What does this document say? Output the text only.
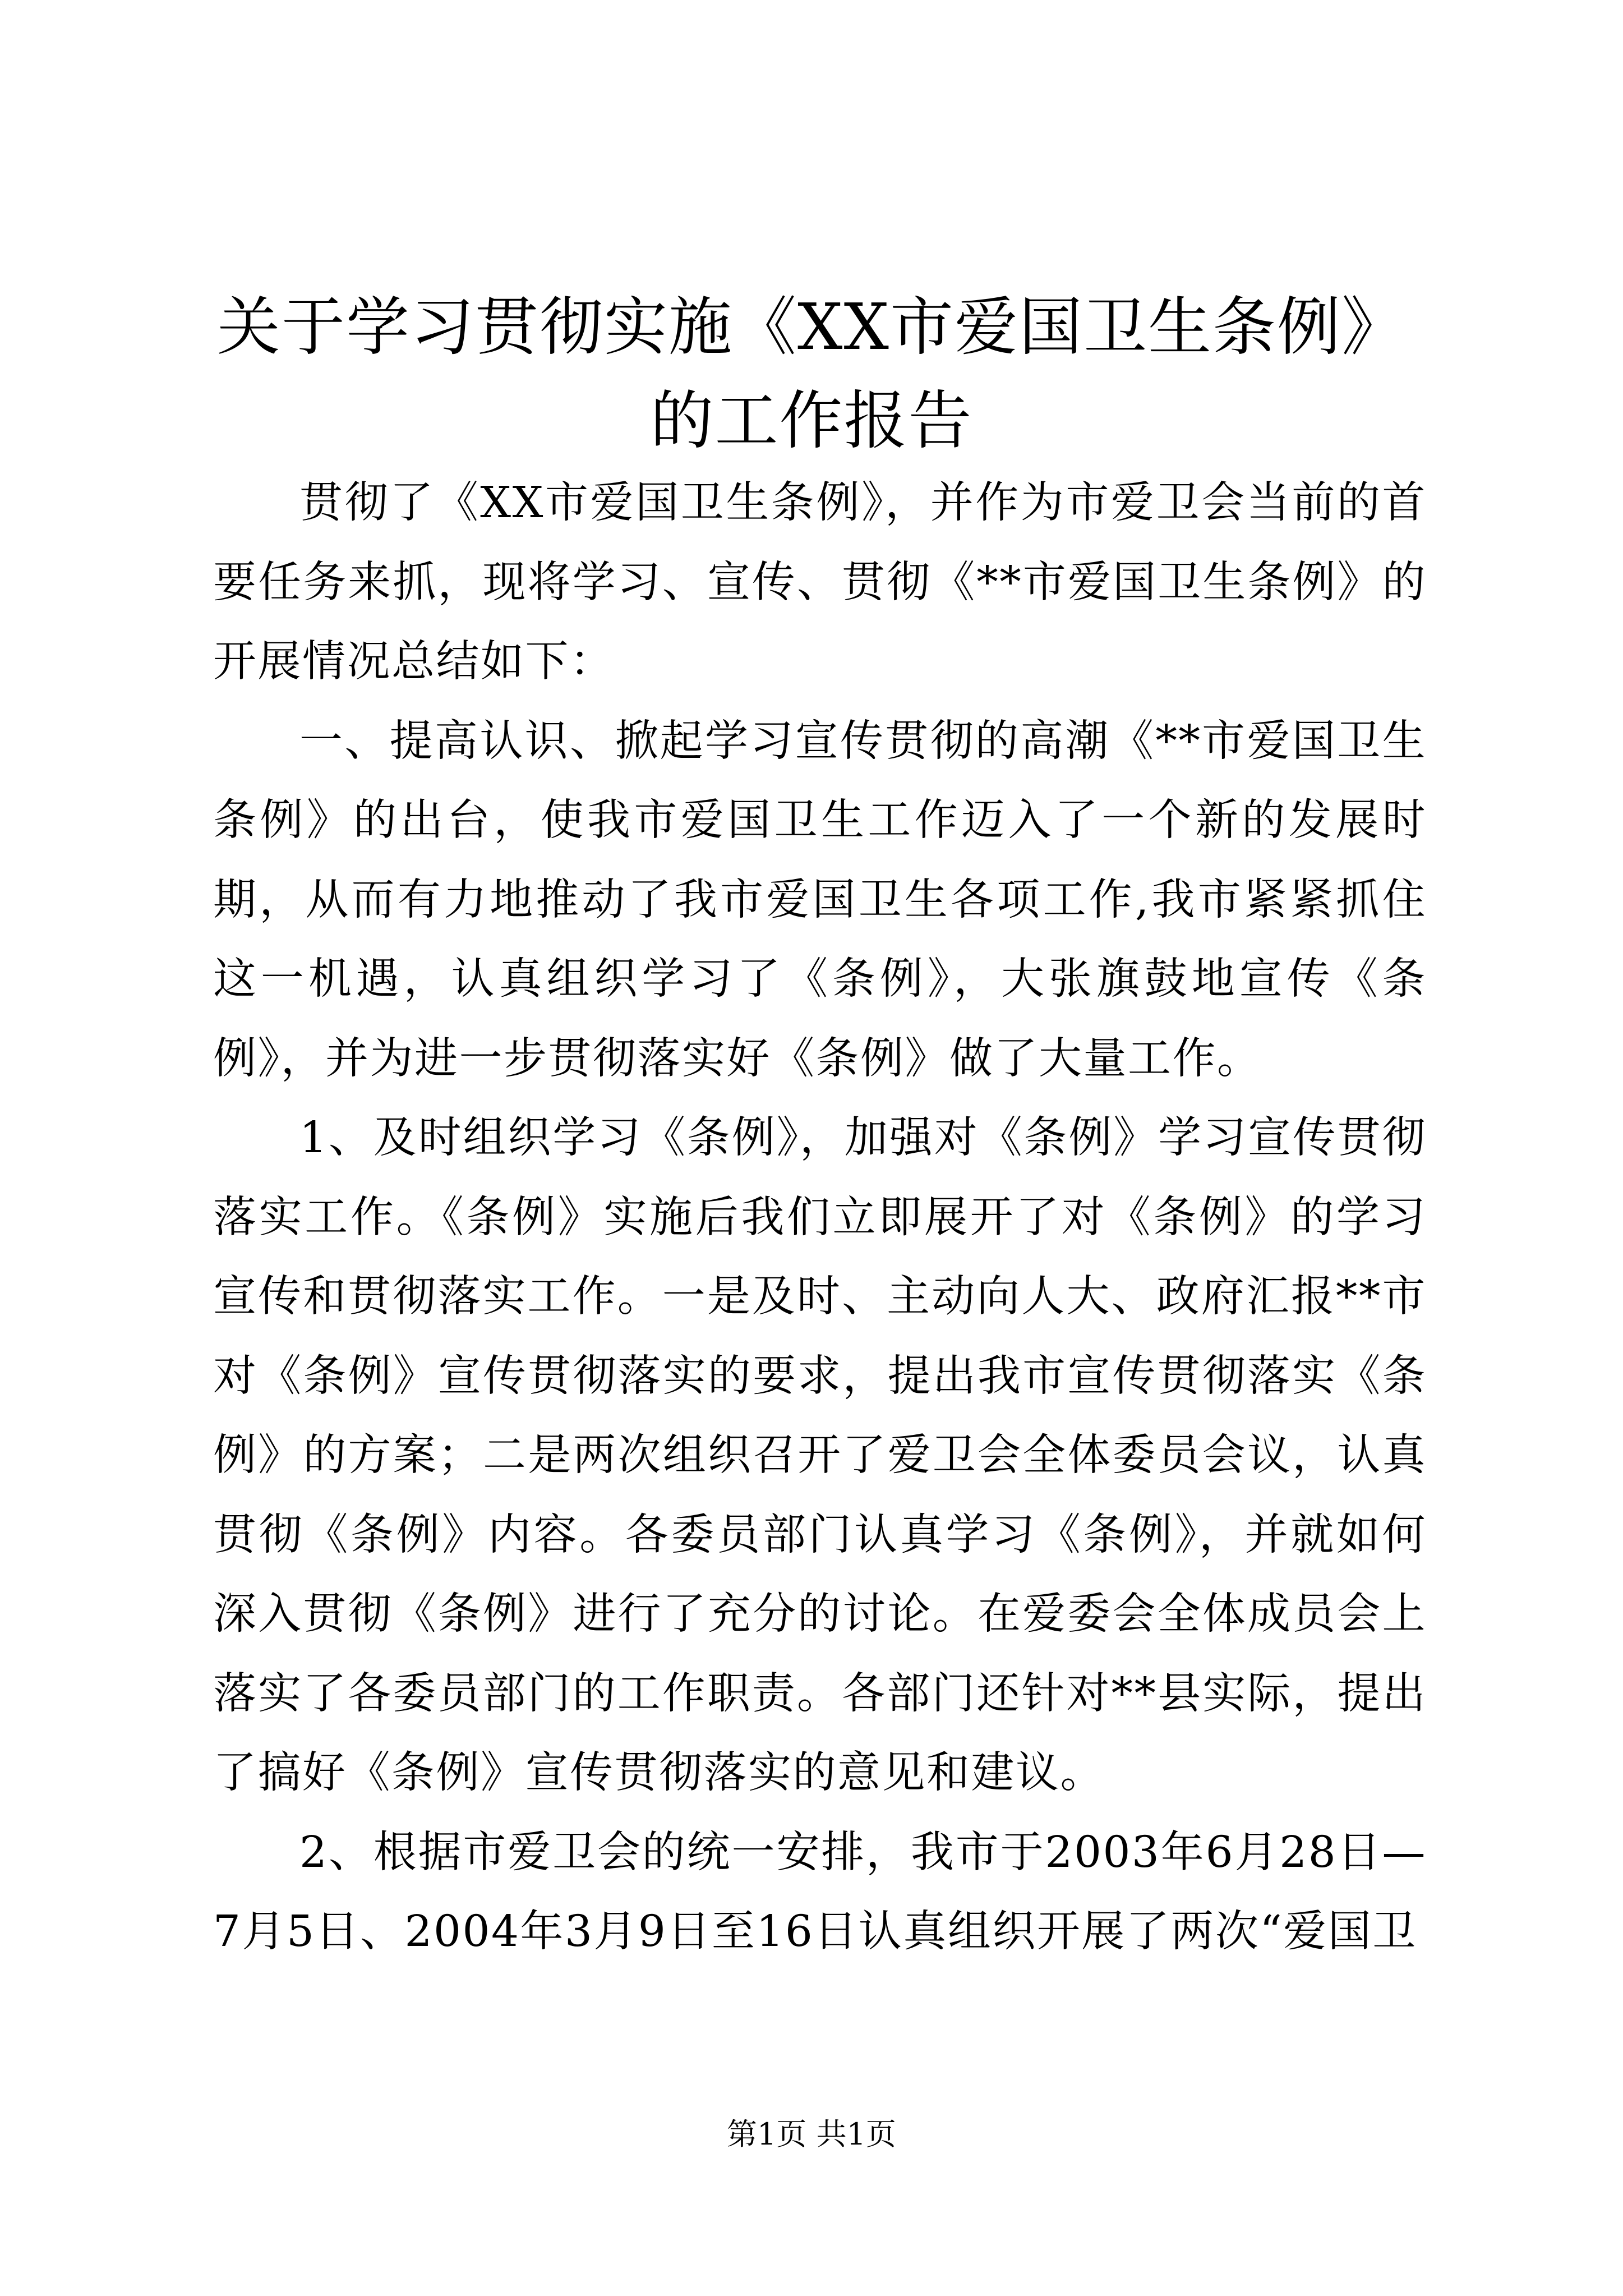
关于学习贯彻实施《XX市爱国卫生条例》的工作报告

贯彻了《XX市爱国卫生条例》，并作为市爱卫会当前的首要任务来抓，现将学习、宣传、贯彻《**市爱国卫生条例》的开展情况总结如下：

一、提高认识、掀起学习宣传贯彻的高潮《**市爱国卫生条例》的出台，使我市爱国卫生工作迈入了一个新的发展时期，从而有力地推动了我市爱国卫生各项工作,我市紧紧抓住这一机遇，认真组织学习了《条例》，大张旗鼓地宣传《条例》，并为进一步贯彻落实好《条例》做了大量工作。

1、及时组织学习《条例》，加强对《条例》学习宣传贯彻落实工作。《条例》实施后我们立即展开了对《条例》的学习宣传和贯彻落实工作。一是及时、主动向人大、政府汇报**市对《条例》宣传贯彻落实的要求，提出我市宣传贯彻落实《条例》的方案；二是两次组织召开了爱卫会全体委员会议，认真贯彻《条例》内容。各委员部门认真学习《条例》，并就如何深入贯彻《条例》进行了充分的讨论。在爱委会全体成员会上落实了各委员部门的工作职责。各部门还针对**县实际，提出了搞好《条例》宣传贯彻落实的意见和建议。

2、根据市爱卫会的统一安排，我市于2003年6月28日—7月5日、2004年3月9日至16日认真组织开展了两次“爱国卫

第1页 共1页
